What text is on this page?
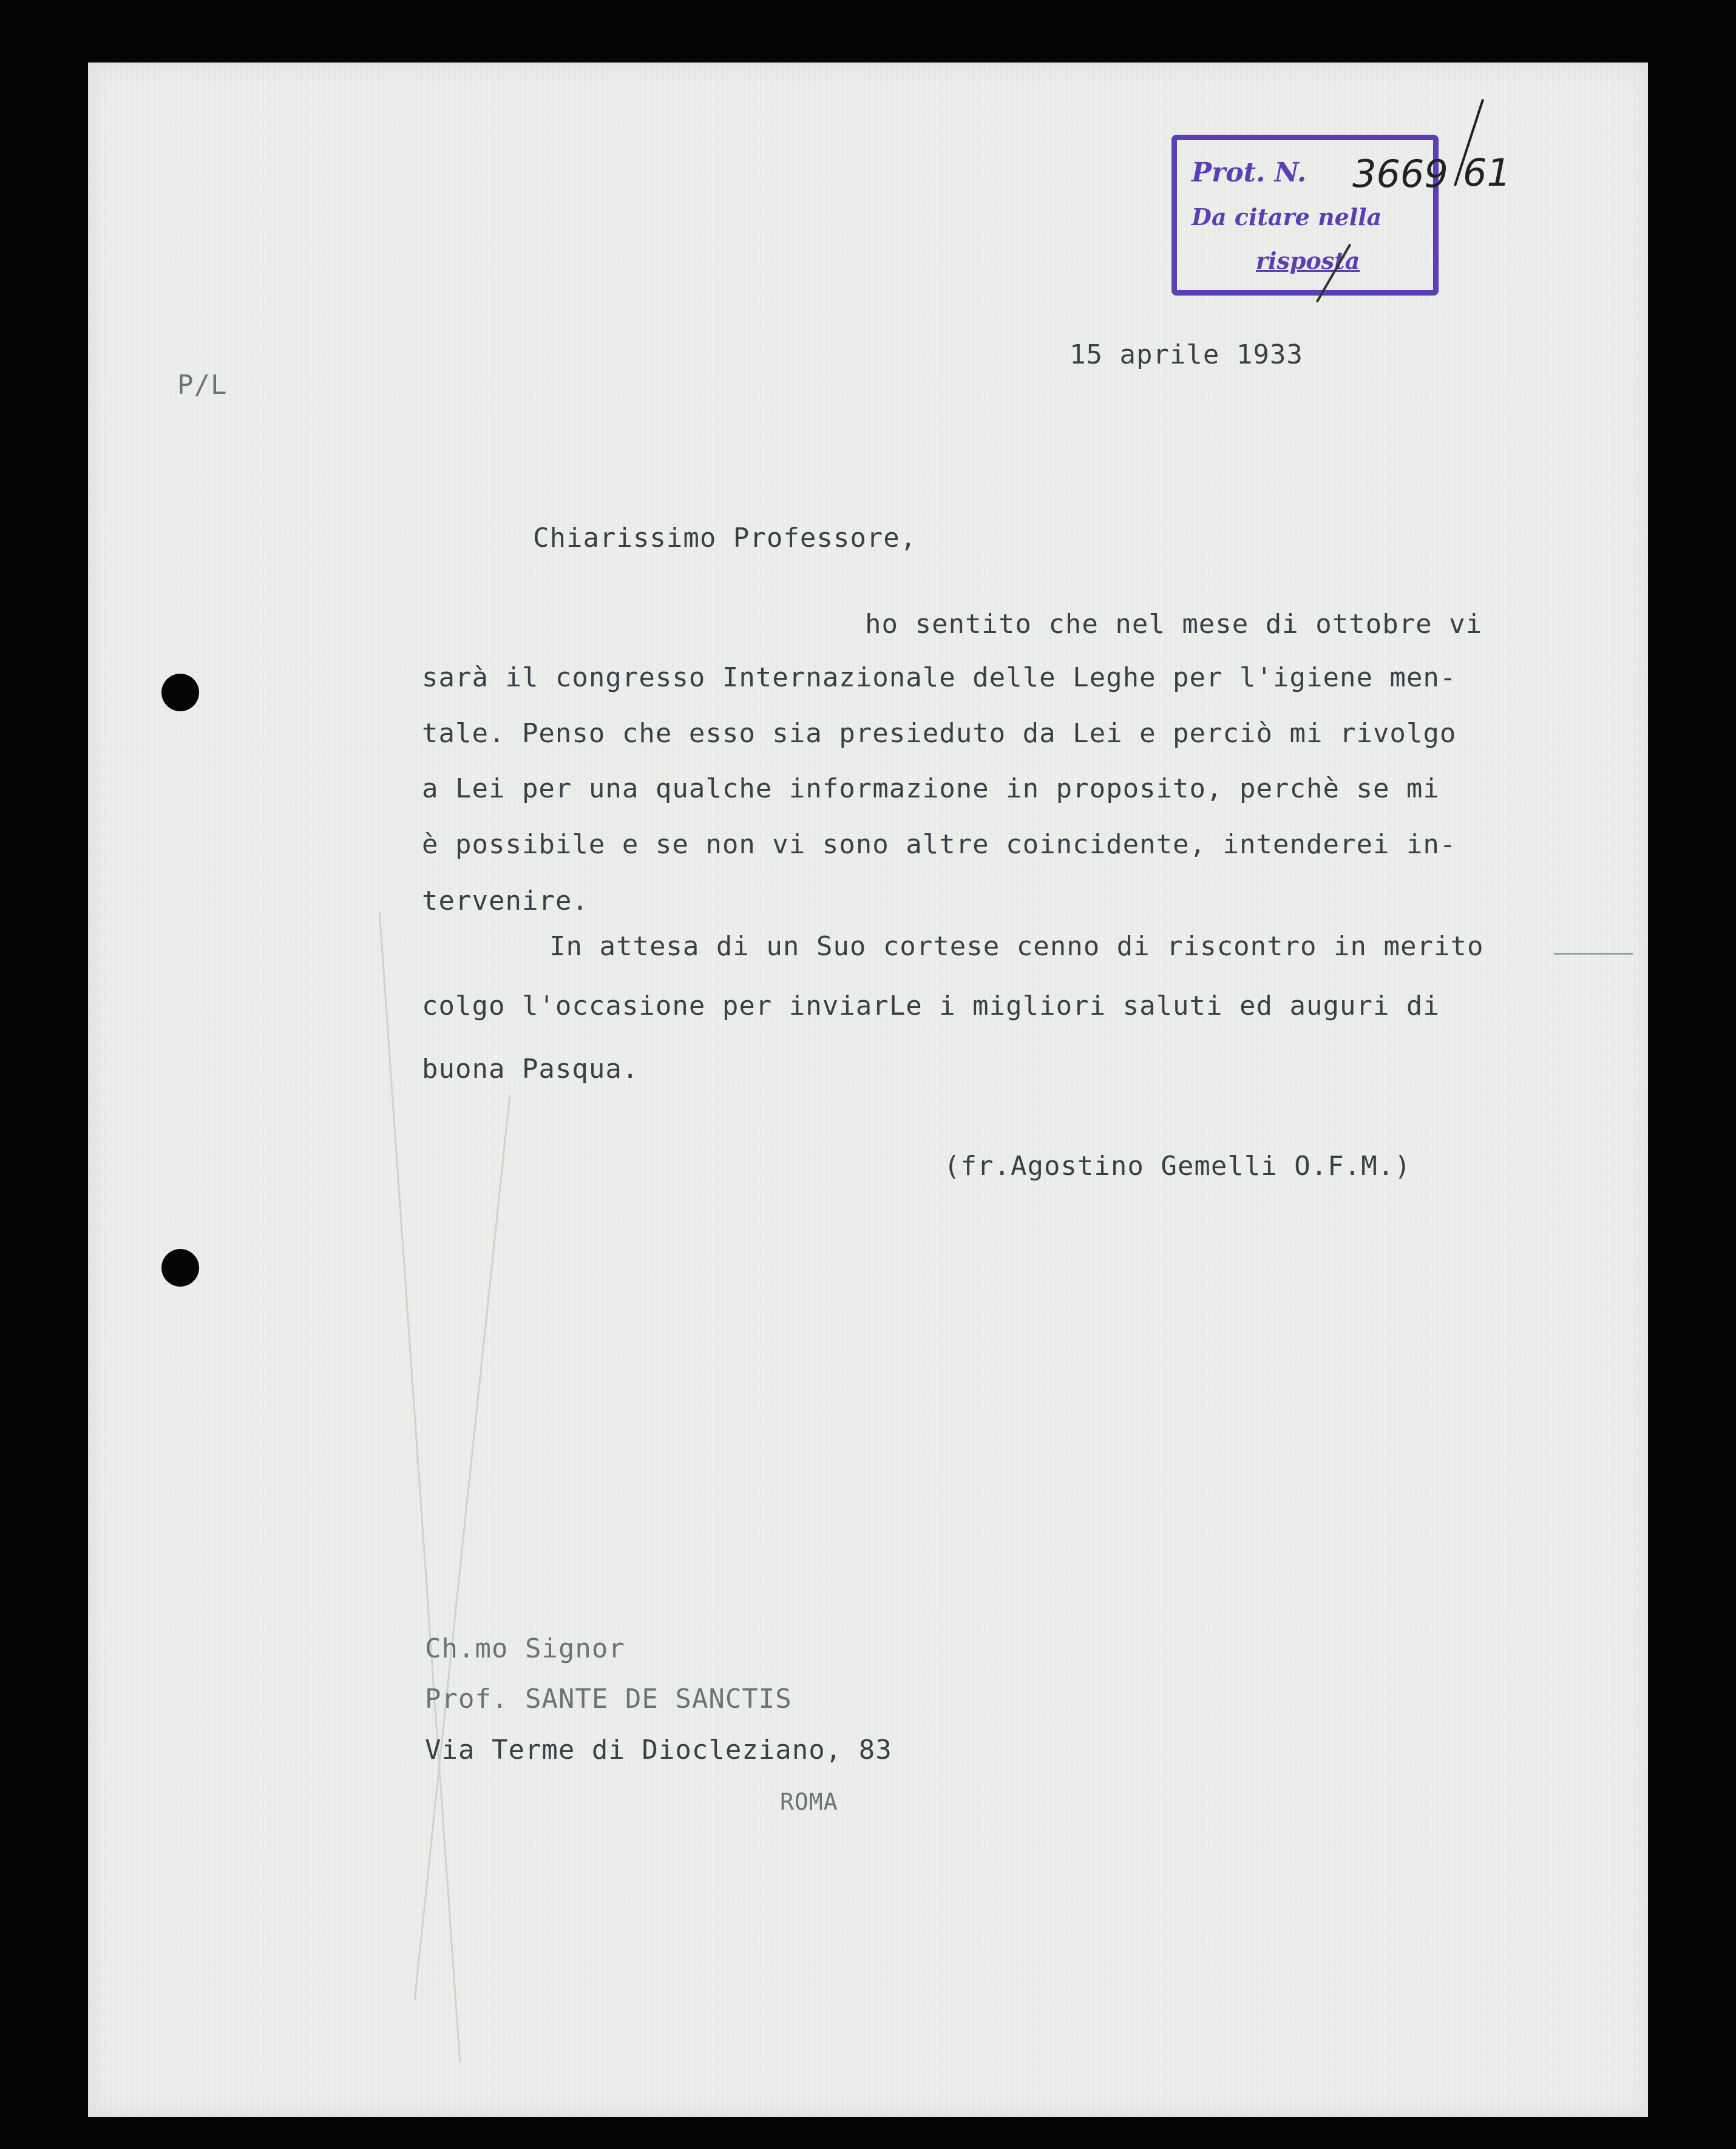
Prot. N.
Da citare nella
risposta
3669 61
P/L
15 aprile 1933
Chiarissimo Professore,
ho sentito che nel mese di ottobre vi
sarà il congresso Internazionale delle Leghe per l'igiene men-
tale. Penso che esso sia presieduto da Lei e perciò mi rivolgo
a Lei per una qualche informazione in proposito, perchè se mi
è possibile e se non vi sono altre coincidente, intenderei in-
tervenire.
In attesa di un Suo cortese cenno di riscontro in merito
colgo l'occasione per inviarLe i migliori saluti ed auguri di
buona Pasqua.
(fr.Agostino Gemelli O.F.M.)
Ch.mo Signor
Prof. SANTE DE SANCTIS
Via Terme di Diocleziano, 83
ROMA
